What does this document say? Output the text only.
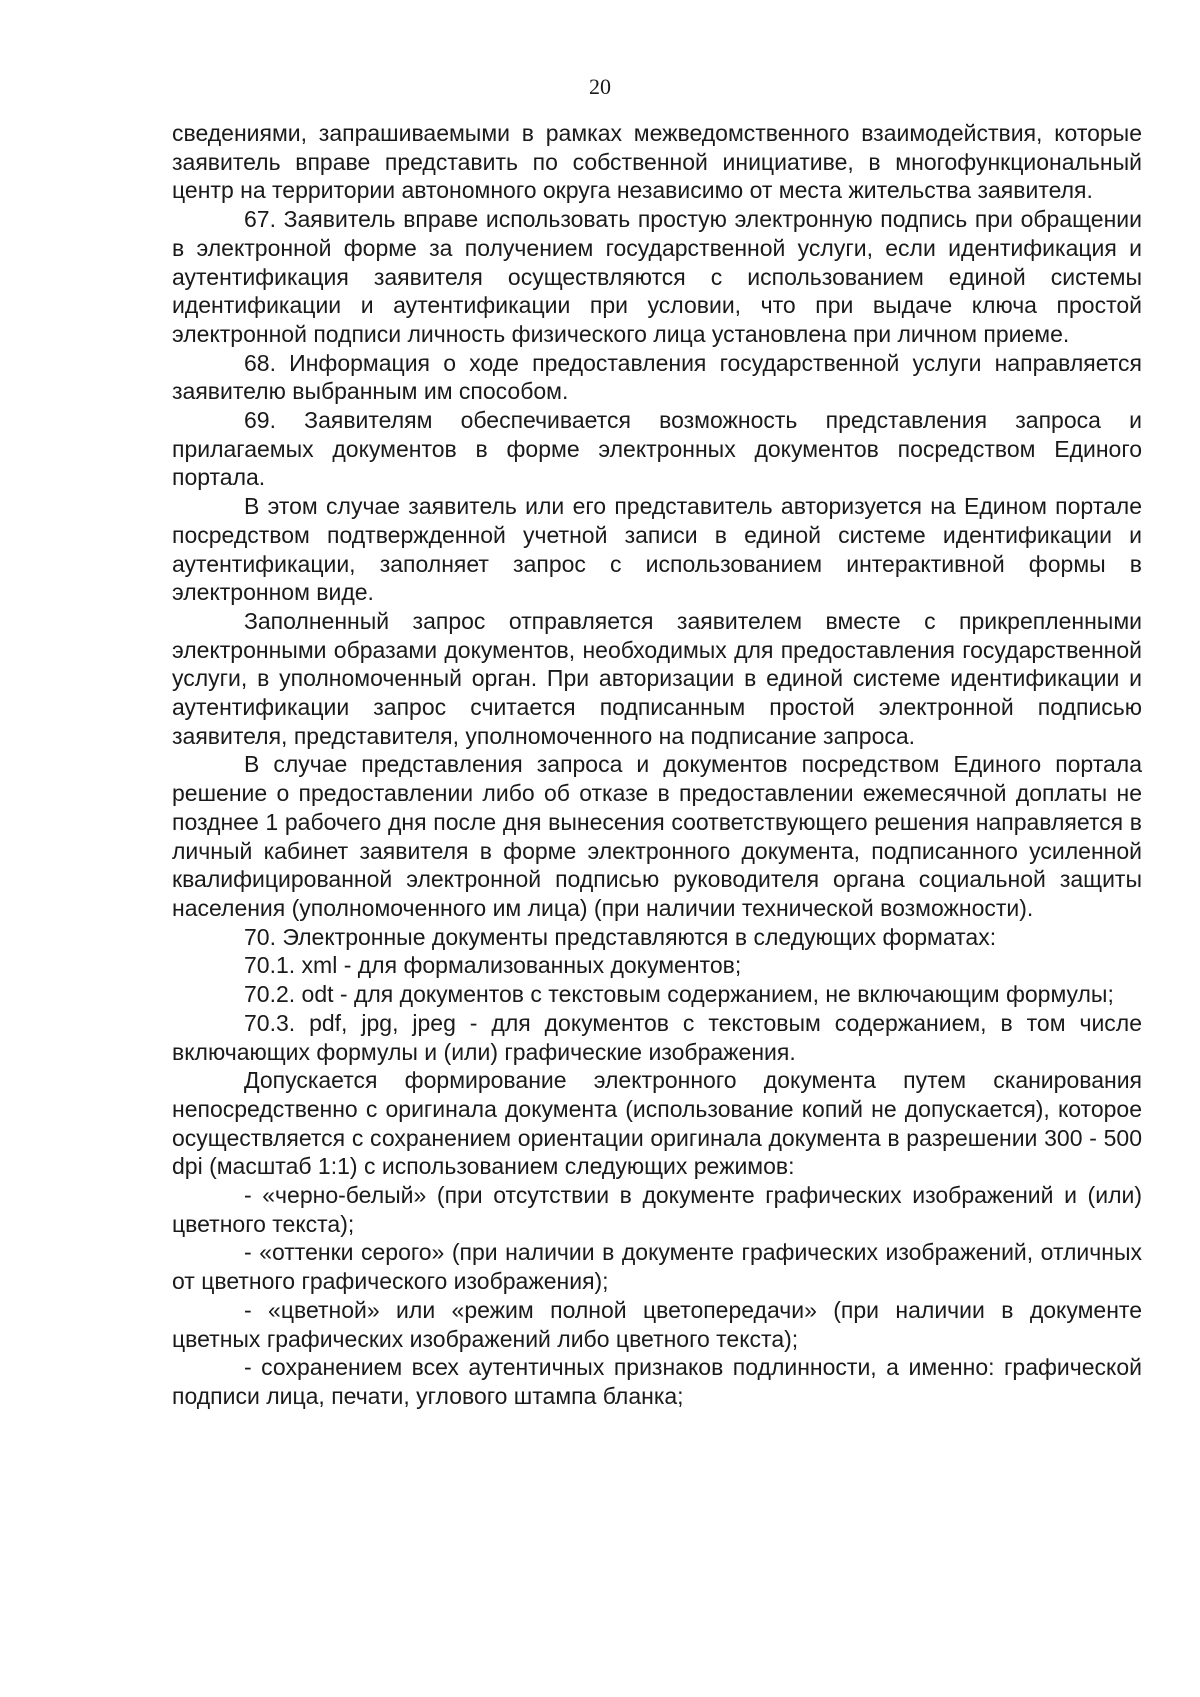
20

сведениями, запрашиваемыми в рамках межведомственного взаимодействия, которые заявитель вправе представить по собственной инициативе, в многофункциональный центр на территории автономного округа независимо от места жительства заявителя.

67. Заявитель вправе использовать простую электронную подпись при обращении в электронной форме за получением государственной услуги, если идентификация и аутентификация заявителя осуществляются с использованием единой системы идентификации и аутентификации при условии, что при выдаче ключа простой электронной подписи личность физического лица установлена при личном приеме.

68. Информация о ходе предоставления государственной услуги направляется заявителю выбранным им способом.

69. Заявителям обеспечивается возможность представления запроса и прилагаемых документов в форме электронных документов посредством Единого портала.

В этом случае заявитель или его представитель авторизуется на Едином портале посредством подтвержденной учетной записи в единой системе идентификации и аутентификации, заполняет запрос с использованием интерактивной формы в электронном виде.

Заполненный запрос отправляется заявителем вместе с прикрепленными электронными образами документов, необходимых для предоставления государственной услуги, в уполномоченный орган. При авторизации в единой системе идентификации и аутентификации запрос считается подписанным простой электронной подписью заявителя, представителя, уполномоченного на подписание запроса.

В случае представления запроса и документов посредством Единого портала решение о предоставлении либо об отказе в предоставлении ежемесячной доплаты не позднее 1 рабочего дня после дня вынесения соответствующего решения направляется в личный кабинет заявителя в форме электронного документа, подписанного усиленной квалифицированной электронной подписью руководителя органа социальной защиты населения (уполномоченного им лица) (при наличии технической возможности).

70. Электронные документы представляются в следующих форматах:

70.1. xml - для формализованных документов;

70.2. odt - для документов с текстовым содержанием, не включающим формулы;

70.3. pdf, jpg, jpeg - для документов с текстовым содержанием, в том числе включающих формулы и (или) графические изображения.

Допускается формирование электронного документа путем сканирования непосредственно с оригинала документа (использование копий не допускается), которое осуществляется с сохранением ориентации оригинала документа в разрешении 300 - 500 dpi (масштаб 1:1) с использованием следующих режимов:

- «черно-белый» (при отсутствии в документе графических изображений и (или) цветного текста);

- «оттенки серого» (при наличии в документе графических изображений, отличных от цветного графического изображения);

- «цветной» или «режим полной цветопередачи» (при наличии в документе цветных графических изображений либо цветного текста);

- сохранением всех аутентичных признаков подлинности, а именно: графической подписи лица, печати, углового штампа бланка;
